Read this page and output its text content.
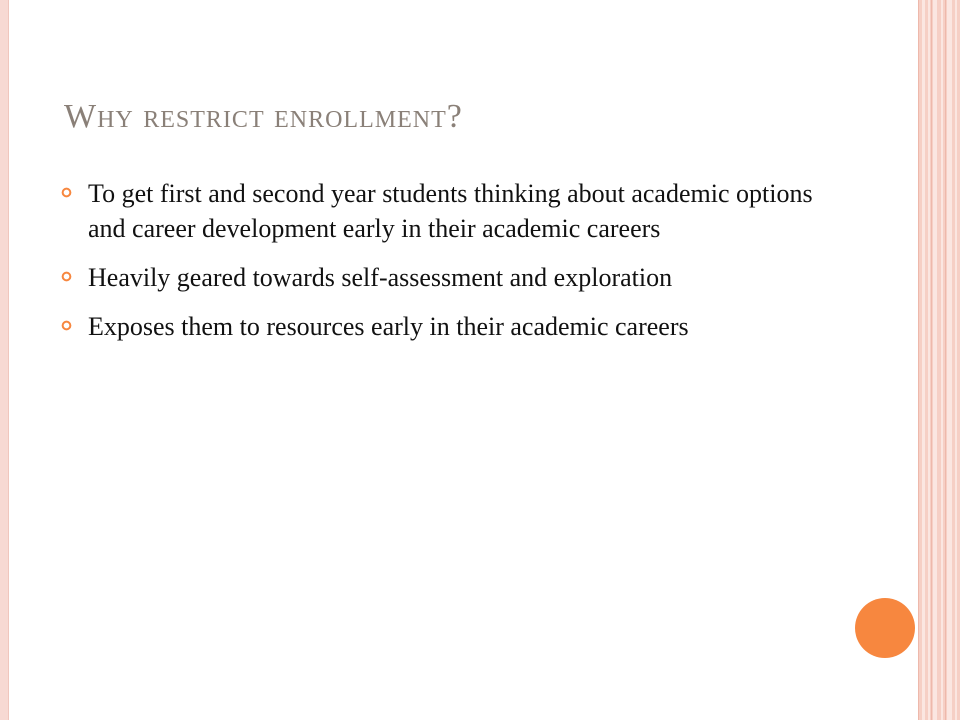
Why restrict enrollment?
To get first and second year students thinking about academic options and career development early in their academic careers
Heavily geared towards self-assessment and exploration
Exposes them to resources early in their academic careers
